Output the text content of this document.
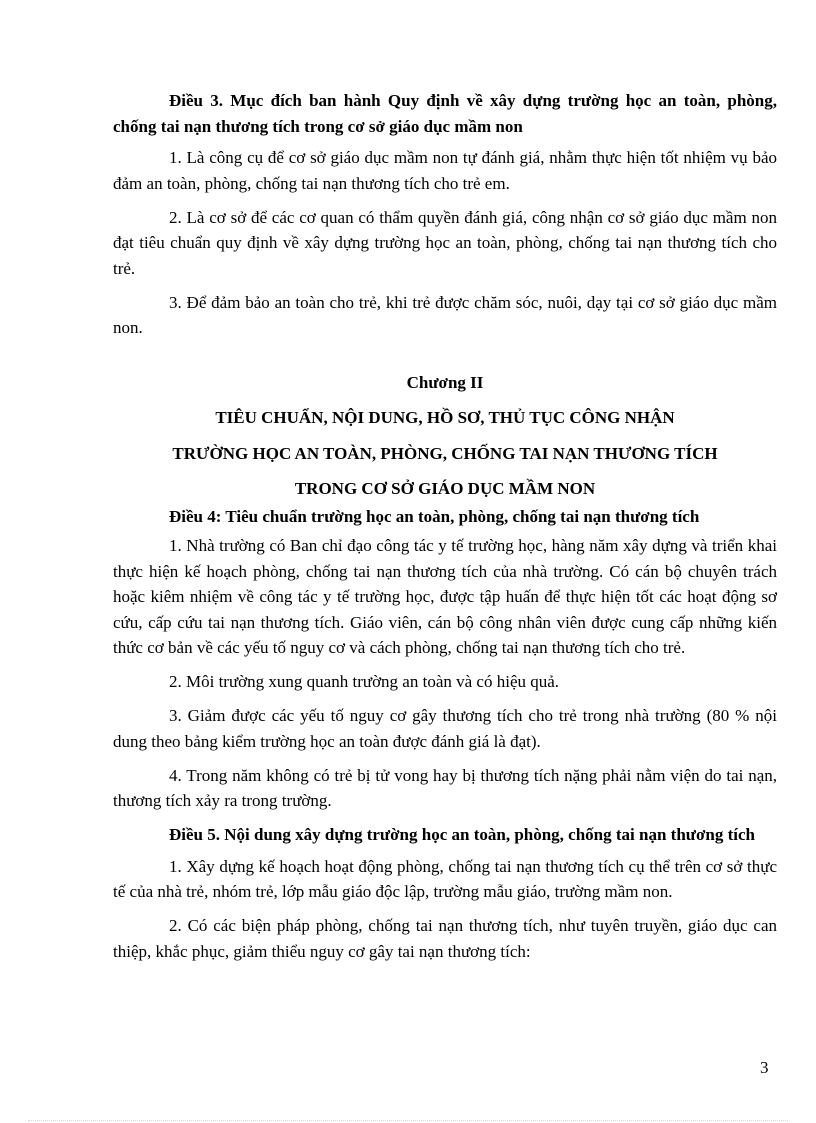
Điều 3. Mục đích ban hành Quy định về xây dựng trường học an toàn, phòng, chống tai nạn thương tích trong cơ sở giáo dục mầm non

1. Là công cụ để cơ sở giáo dục mầm non tự đánh giá, nhằm thực hiện tốt nhiệm vụ bảo đảm an toàn, phòng, chống tai nạn thương tích cho trẻ em.

2. Là cơ sở để các cơ quan có thẩm quyền đánh giá, công nhận cơ sở giáo dục mầm non đạt tiêu chuẩn quy định về xây dựng trường học an toàn, phòng, chống tai nạn thương tích cho trẻ.

3. Để đảm bảo an toàn cho trẻ, khi trẻ được chăm sóc, nuôi, dạy tại cơ sở giáo dục mầm non.

Chương II
TIÊU CHUẨN, NỘI DUNG, HỒ SƠ, THỦ TỤC CÔNG NHẬN
TRƯỜNG HỌC AN TOÀN, PHÒNG, CHỐNG TAI NẠN THƯƠNG TÍCH
TRONG CƠ SỞ GIÁO DỤC MẦM NON

Điều 4: Tiêu chuẩn trường học an toàn, phòng, chống tai nạn thương tích

1. Nhà trường có Ban chỉ đạo công tác y tế trường học, hàng năm xây dựng và triển khai thực hiện kế hoạch phòng, chống tai nạn thương tích của nhà trường. Có cán bộ chuyên trách hoặc kiêm nhiệm về công tác y tế trường học, được tập huấn để thực hiện tốt các hoạt động sơ cứu, cấp cứu tai nạn thương tích. Giáo viên, cán bộ công nhân viên được cung cấp những kiến thức cơ bản về các yếu tố nguy cơ và cách phòng, chống tai nạn thương tích cho trẻ.

2. Môi trường xung quanh trường an toàn và có hiệu quả.

3. Giảm được các yếu tố nguy cơ gây thương tích cho trẻ trong nhà trường (80 % nội dung theo bảng kiểm trường học an toàn được đánh giá là đạt).

4. Trong năm không có trẻ bị tử vong hay bị thương tích nặng phải nằm viện do tai nạn, thương tích xảy ra trong trường.

Điều 5. Nội dung xây dựng trường học an toàn, phòng, chống tai nạn thương tích

1. Xây dựng kế hoạch hoạt động phòng, chống tai nạn thương tích cụ thể trên cơ sở thực tế của nhà trẻ, nhóm trẻ, lớp mẫu giáo độc lập, trường mẫu giáo, trường mầm non.

2. Có các biện pháp phòng, chống tai nạn thương tích, như tuyên truyền, giáo dục can thiệp, khắc phục, giảm thiểu nguy cơ gây tai nạn thương tích:

3
